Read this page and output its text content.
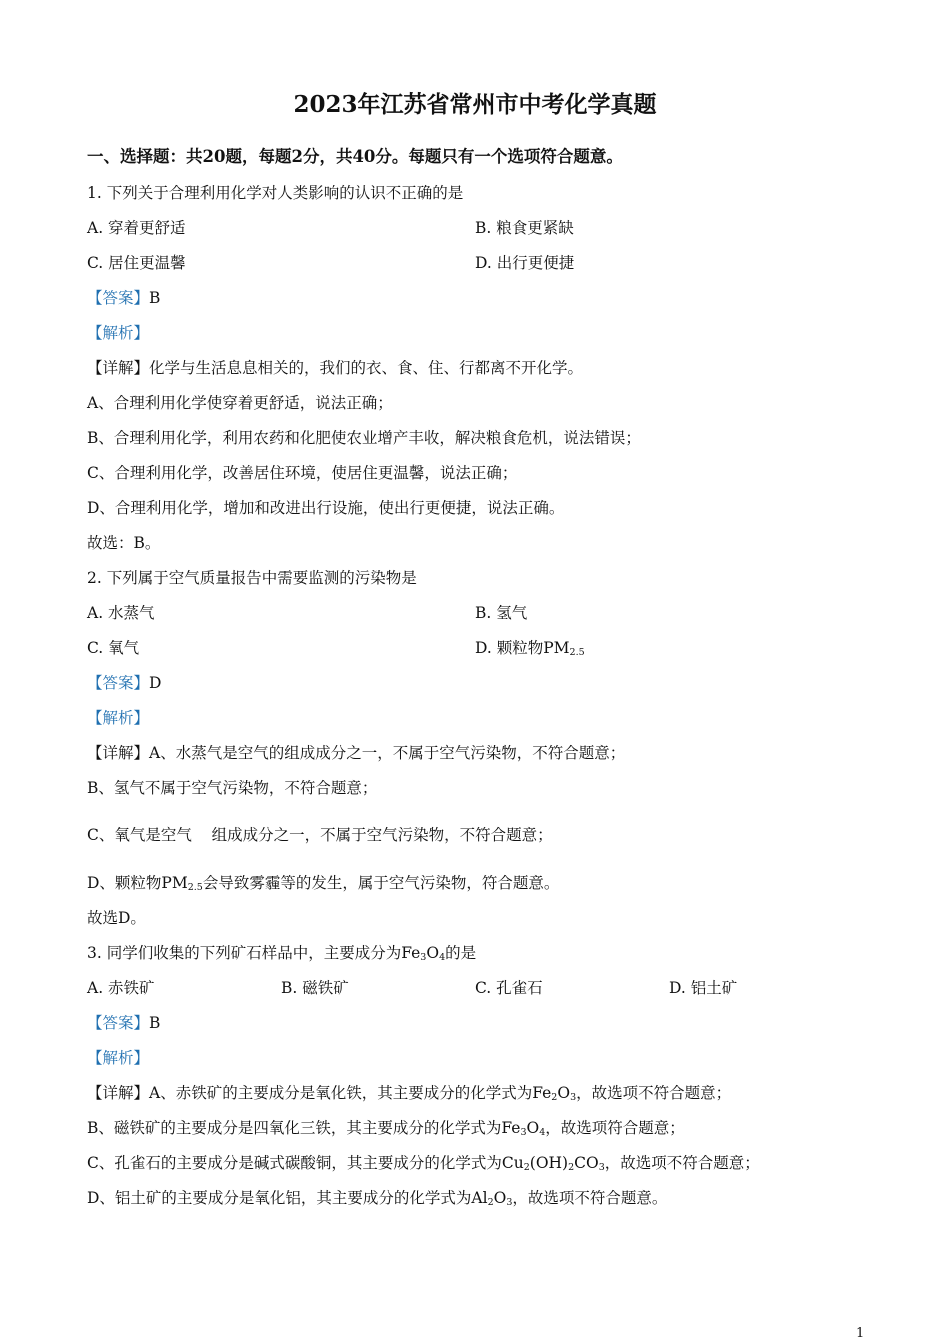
2023年江苏省常州市中考化学真题
一、选择题：共20题，每题2分，共40分。每题只有一个选项符合题意。
1. 下列关于合理利用化学对人类影响的认识不正确的是
A. 穿着更舒适	B. 粮食更紧缺
C. 居住更温馨	D. 出行更便捷
【答案】B
【解析】
【详解】化学与生活息息相关的，我们的衣、食、住、行都离不开化学。
A、合理利用化学使穿着更舒适，说法正确；
B、合理利用化学，利用农药和化肥使农业增产丰收，解决粮食危机，说法错误；
C、合理利用化学，改善居住环境，使居住更温馨，说法正确；
D、合理利用化学，增加和改进出行设施，使出行更便捷，说法正确。
故选：B。
2. 下列属于空气质量报告中需要监测的污染物是
A. 水蒸气	B. 氢气
C. 氧气	D. 颗粒物$PM_{2.5}$
【答案】D
【解析】
【详解】A、水蒸气是空气的组成成分之一，不属于空气污染物，不符合题意；
B、氢气不属于空气污染物，不符合题意；
C、氧气是空气    组成成分之一，不属于空气污染物，不符合题意；
D、颗粒物$PM_{2.5}$会导致雾霾等的发生，属于空气污染物，符合题意。
故选D。
3. 同学们收集的下列矿石样品中，主要成分为$Fe_3O_4$的是
A. 赤铁矿	B. 磁铁矿	C. 孔雀石	D. 铝土矿
【答案】B
【解析】
【详解】A、赤铁矿的主要成分是氧化铁，其主要成分的化学式为$Fe_2O_3$，故选项不符合题意；
B、磁铁矿的主要成分是四氧化三铁，其主要成分的化学式为$Fe_3O_4$，故选项符合题意；
C、孔雀石的主要成分是碱式碳酸铜，其主要成分的化学式为$Cu_2(OH)_2CO_3$，故选项不符合题意；
D、铝土矿的主要成分是氧化铝，其主要成分的化学式为$Al_2O_3$，故选项不符合题意。
1
